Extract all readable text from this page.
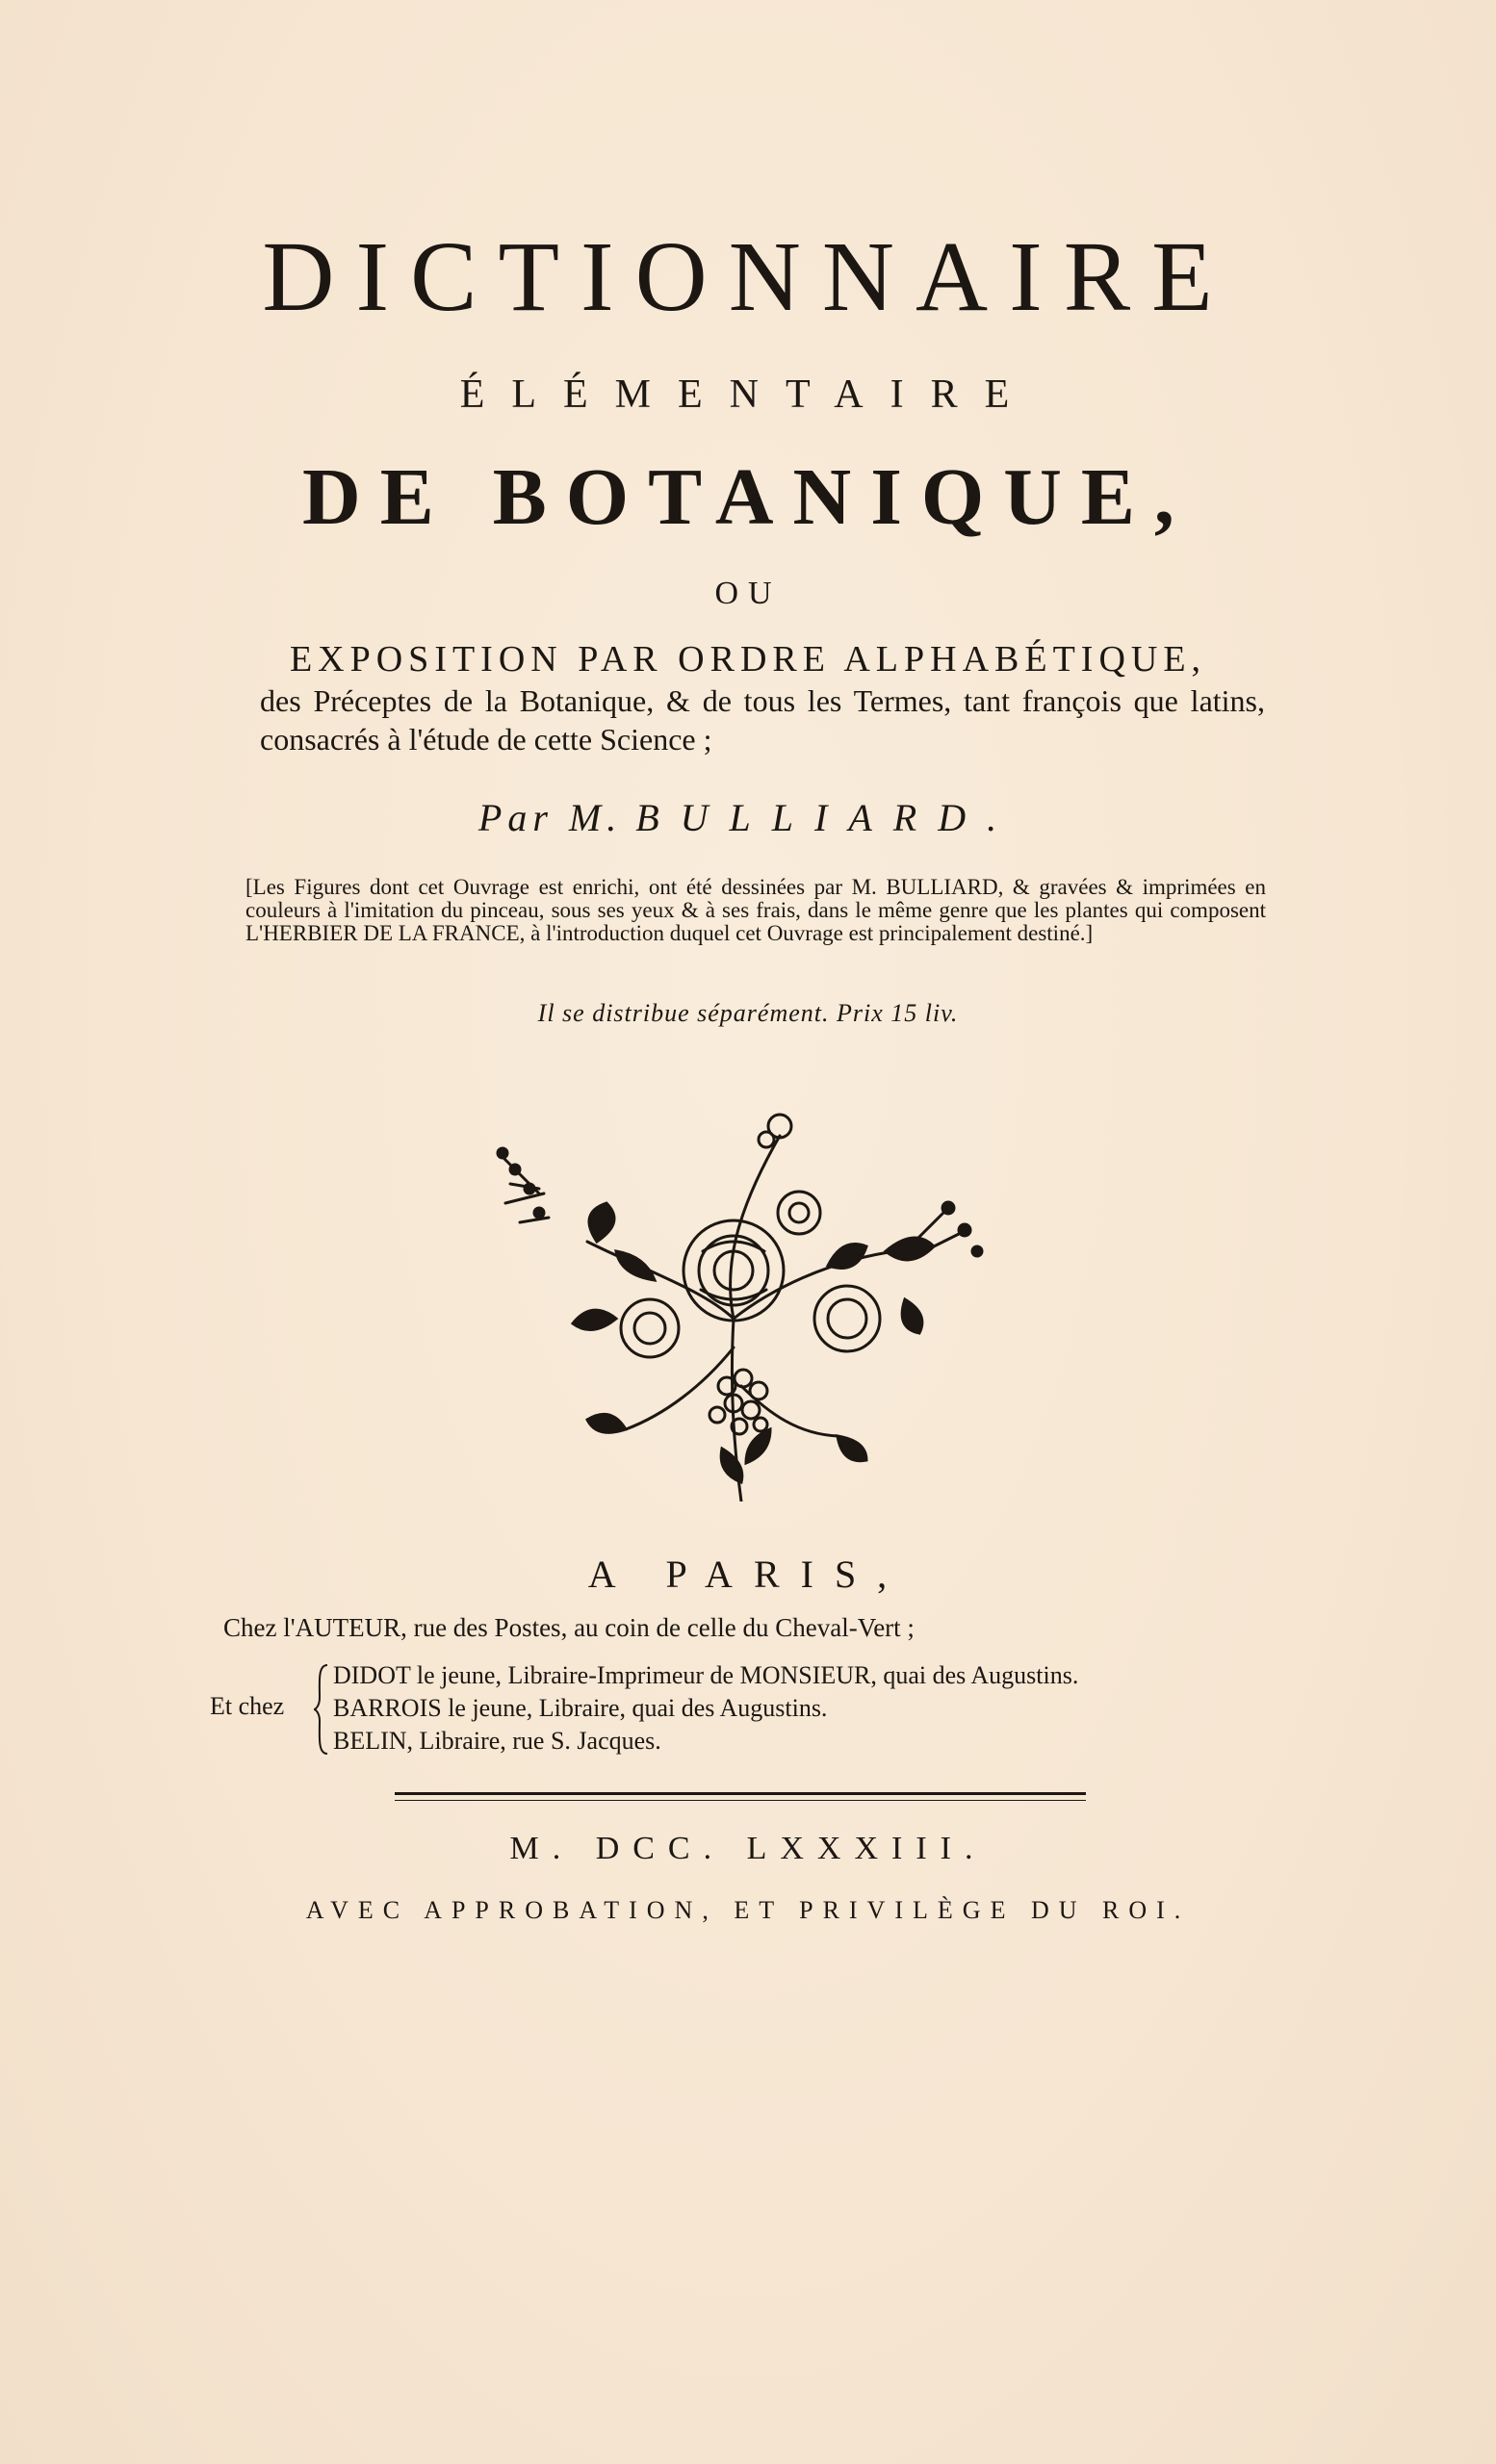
DICTIONNAIRE
ÉLÉMENTAIRE
DE BOTANIQUE,
OU
EXPOSITION PAR ORDRE ALPHABÉTIQUE,
des Préceptes de la Botanique, & de tous les Termes, tant françois que latins, consacrés à l'étude de cette Science ;
Par M. BULLIARD.
[Les Figures dont cet Ouvrage est enrichi, ont été dessinées par M. BULLIARD, & gravées & imprimées en couleurs à l'imitation du pinceau, sous ses yeux & à ses frais, dans le même genre que les plantes qui composent L'HERBIER DE LA FRANCE, à l'introduction duquel cet Ouvrage est principalement destiné.]
Il se distribue séparément. Prix 15 liv.
A PARIS,
Chez l'AUTEUR, rue des Postes, au coin de celle du Cheval-Vert ;
Et chez
DIDOT le jeune, Libraire-Imprimeur de MONSIEUR, quai des Augustins.
BARROIS le jeune, Libraire, quai des Augustins.
BELIN, Libraire, rue S. Jacques.
M. DCC. LXXXIII.
AVEC APPROBATION, ET PRIVILÈGE DU ROI.
